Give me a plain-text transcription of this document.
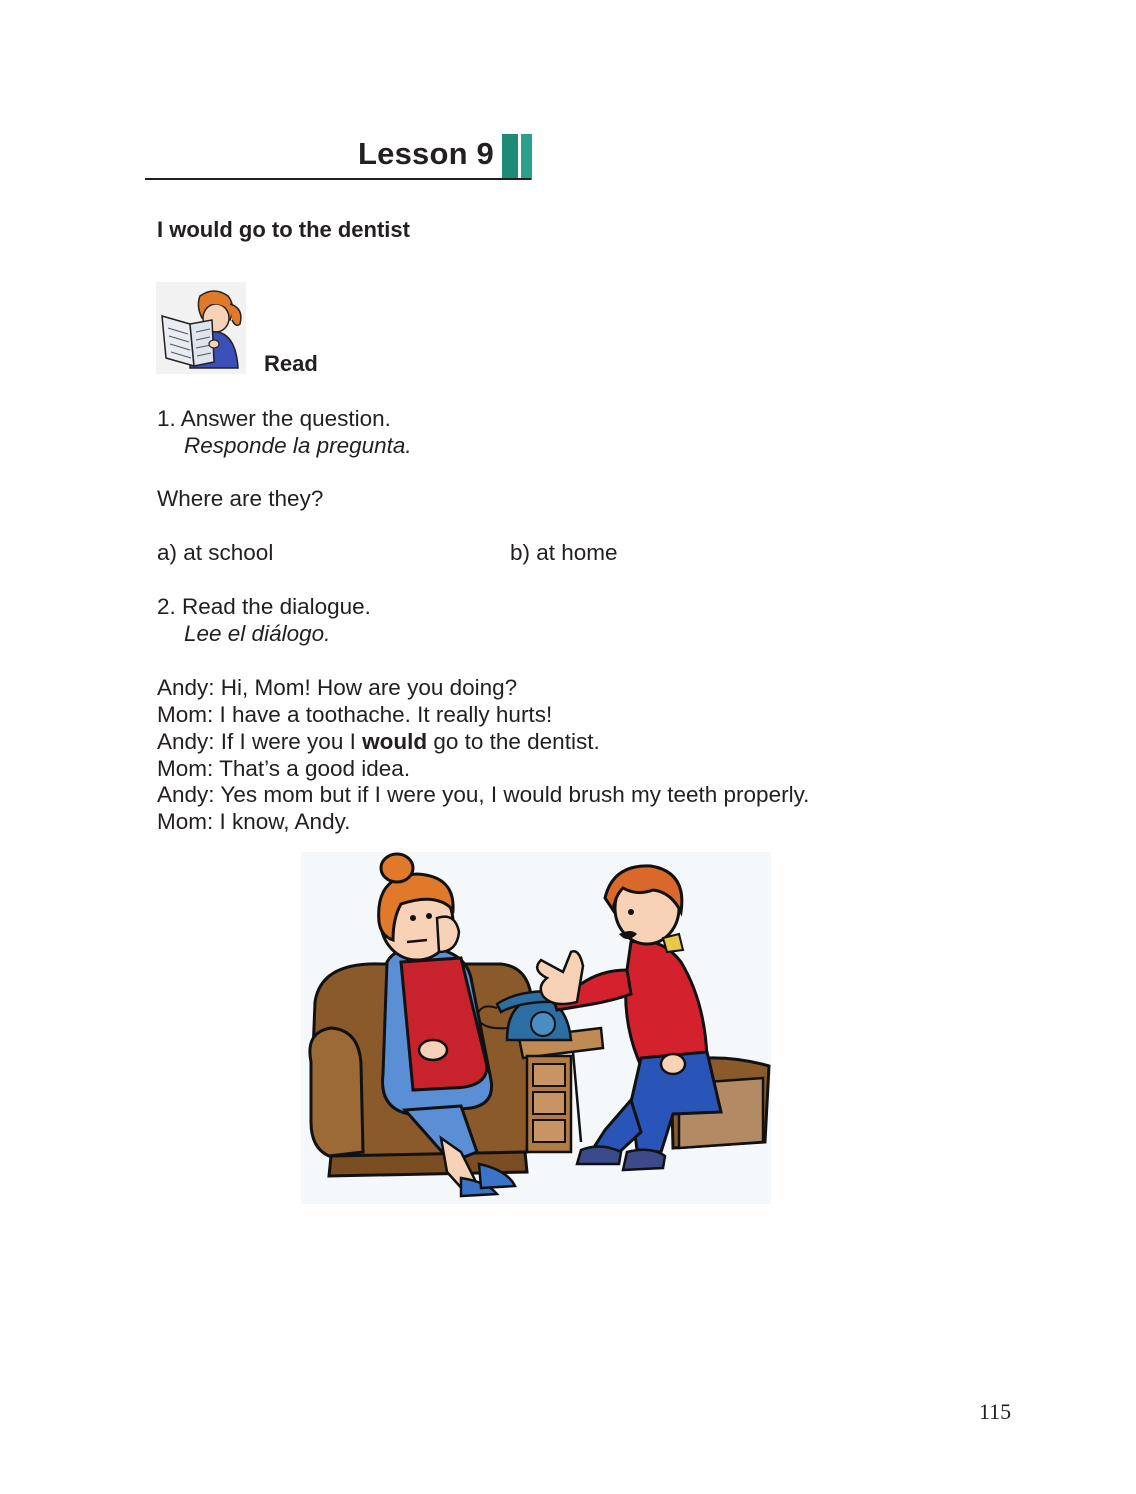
Lesson 9
I would go to the dentist
Read
1. Answer the question.
Responde la pregunta.
Where are they?
a) at school	b) at home
2. Read the dialogue.
Lee el diálogo.
Andy: Hi, Mom! How are you doing?
Mom: I have a toothache. It really hurts!
Andy: If I were you I would go to the dentist.
Mom: That’s a good idea.
Andy: Yes mom but if I were you, I would brush my teeth properly.
Mom: I know, Andy.
115
